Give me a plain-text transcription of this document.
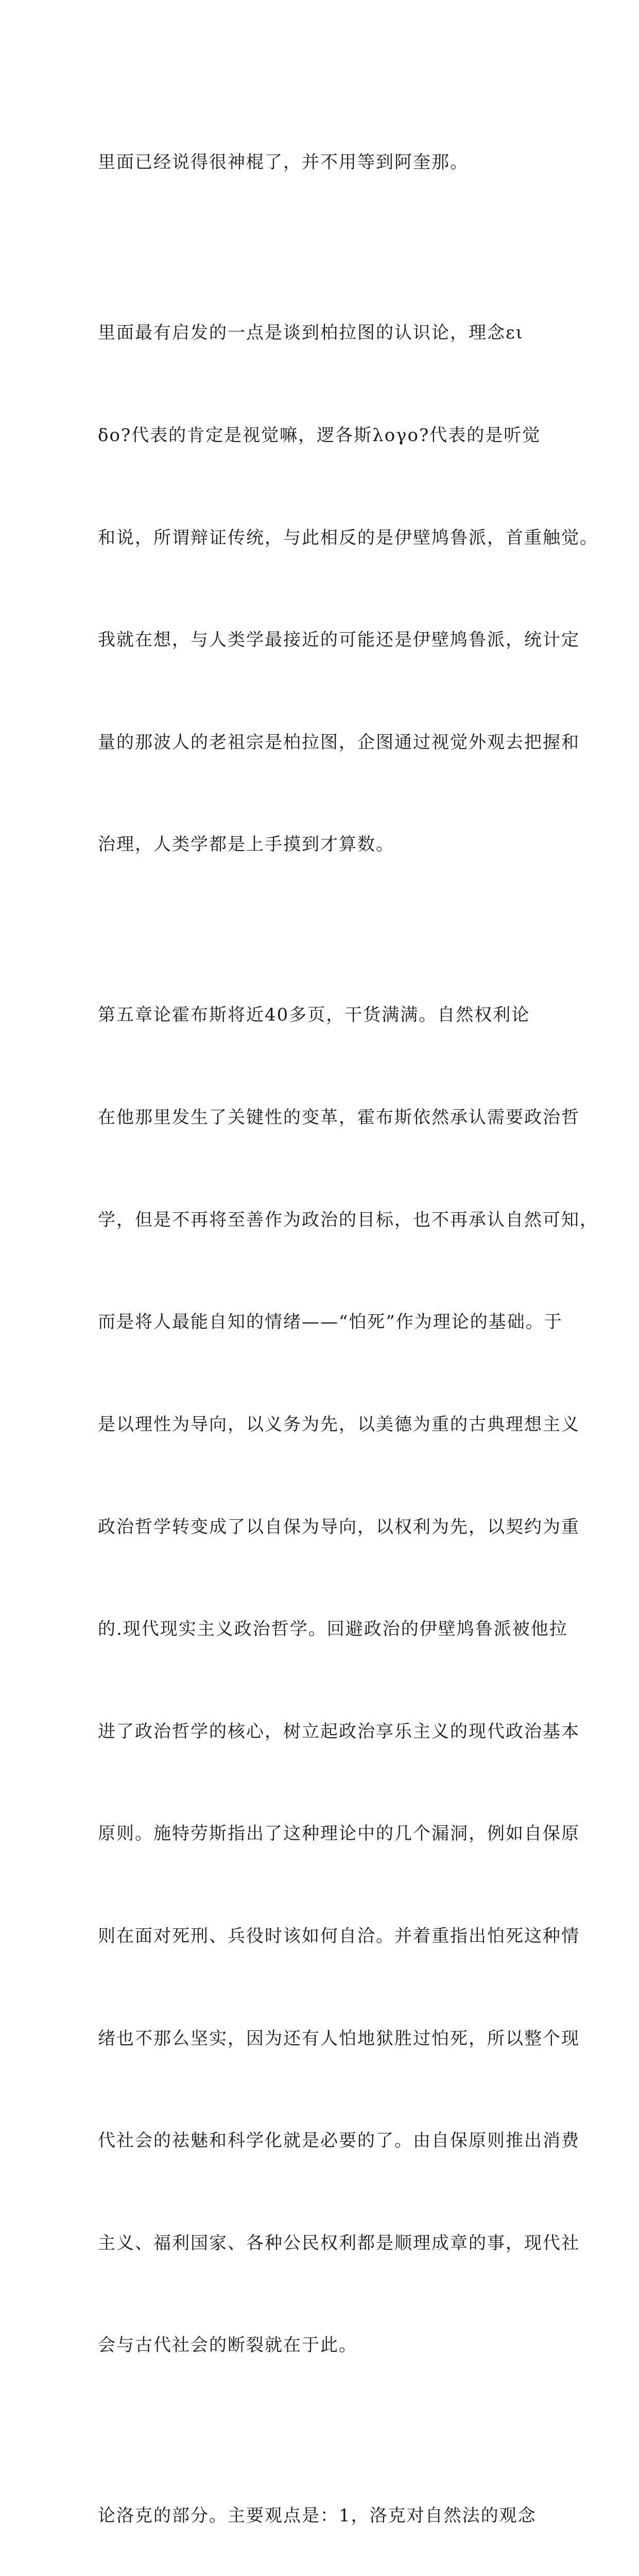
里面已经说得很神棍了，并不用等到阿奎那。

里面最有启发的一点是谈到柏拉图的认识论，理念ει

δο?代表的肯定是视觉嘛，逻各斯λογο?代表的是听觉

和说，所谓辩证传统，与此相反的是伊壁鸠鲁派，首重触觉。

我就在想，与人类学最接近的可能还是伊壁鸠鲁派，统计定

量的那波人的老祖宗是柏拉图，企图通过视觉外观去把握和

治理，人类学都是上手摸到才算数。

第五章论霍布斯将近40多页，干货满满。自然权利论

在他那里发生了关键性的变革，霍布斯依然承认需要政治哲

学，但是不再将至善作为政治的目标，也不再承认自然可知，

而是将人最能自知的情绪——“怕死”作为理论的基础。于

是以理性为导向，以义务为先，以美德为重的古典理想主义

政治哲学转变成了以自保为导向，以权利为先，以契约为重

的.现代现实主义政治哲学。回避政治的伊壁鸠鲁派被他拉

进了政治哲学的核心，树立起政治享乐主义的现代政治基本

原则。施特劳斯指出了这种理论中的几个漏洞，例如自保原

则在面对死刑、兵役时该如何自洽。并着重指出怕死这种情

绪也不那么坚实，因为还有人怕地狱胜过怕死，所以整个现

代社会的祛魅和科学化就是必要的了。由自保原则推出消费

主义、福利国家、各种公民权利都是顺理成章的事，现代社

会与古代社会的断裂就在于此。

论洛克的部分。主要观点是：1，洛克对自然法的观念
